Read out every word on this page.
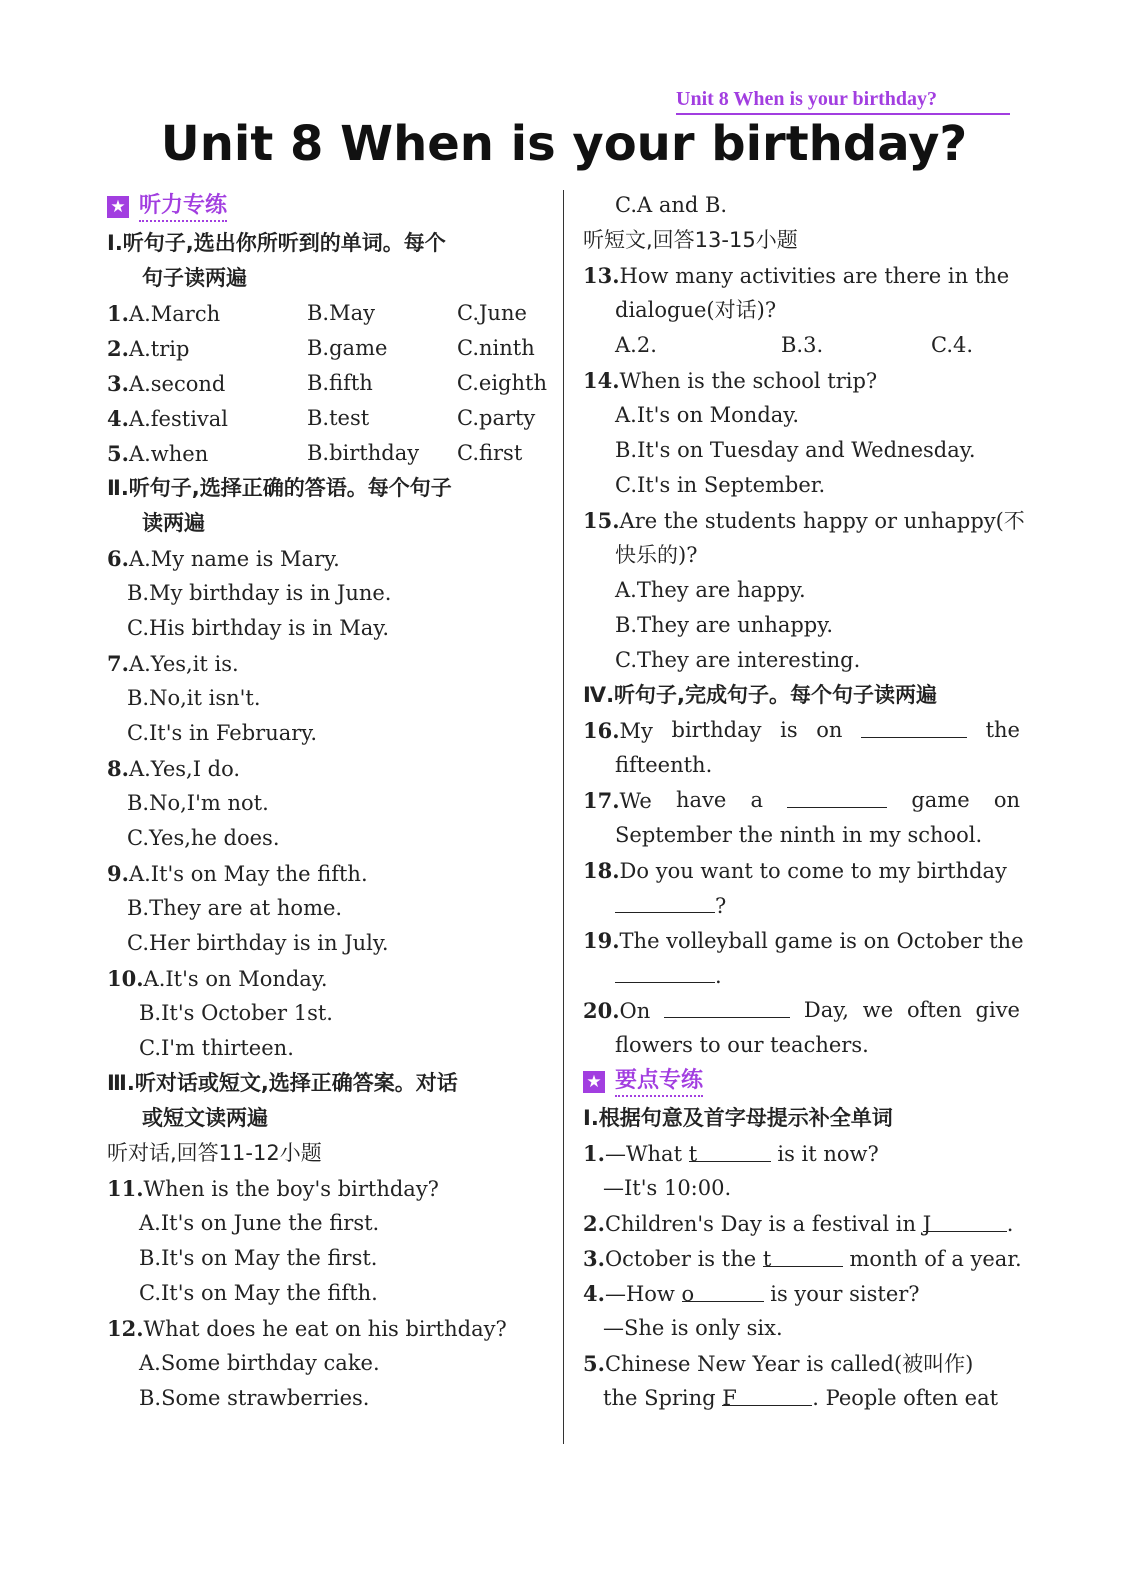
Unit 8 When is your birthday?
Unit 8 When is your birthday?
★ 听力专练
Ⅰ.听句子,选出你所听到的单词。每个
句子读两遍
1.A.March	B.May	C.June
2.A.trip	B.game	C.ninth
3.A.second	B.fifth	C.eighth
4.A.festival	B.test	C.party
5.A.when	B.birthday	C.first
Ⅱ.听句子,选择正确的答语。每个句子
读两遍
6.A.My name is Mary.
B.My birthday is in June.
C.His birthday is in May.
7.A.Yes,it is.
B.No,it isn't.
C.It's in February.
8.A.Yes,I do.
B.No,I'm not.
C.Yes,he does.
9.A.It's on May the fifth.
B.They are at home.
C.Her birthday is in July.
10.A.It's on Monday.
B.It's October 1st.
C.I'm thirteen.
Ⅲ.听对话或短文,选择正确答案。对话
或短文读两遍
听对话,回答11-12小题
11.When is the boy's birthday?
A.It's on June the first.
B.It's on May the first.
C.It's on May the fifth.
12.What does he eat on his birthday?
A.Some birthday cake.
B.Some strawberries.
C.A and B.
听短文,回答13-15小题
13.How many activities are there in the
dialogue(对话)?
A.2.	B.3.	C.4.
14.When is the school trip?
A.It's on Monday.
B.It's on Tuesday and Wednesday.
C.It's in September.
15.Are the students happy or unhappy(不
快乐的)?
A.They are happy.
B.They are unhappy.
C.They are interesting.
Ⅳ.听句子,完成句子。每个句子读两遍
16.My birthday is on	the
fifteenth.
17.We have a	game on
September the ninth in my school.
18.Do you want to come to my birthday
?
19.The volleyball game is on October the
.
20.On	Day, we often give
flowers to our teachers.
★ 要点专练
Ⅰ.根据句意及首字母提示补全单词
1.—What t	is it now?
—It's 10:00.
2.Children's Day is a festival in J	.
3.October is the t	month of a year.
4.—How o	is your sister?
—She is only six.
5.Chinese New Year is called(被叫作)
the Spring F	. People often eat
